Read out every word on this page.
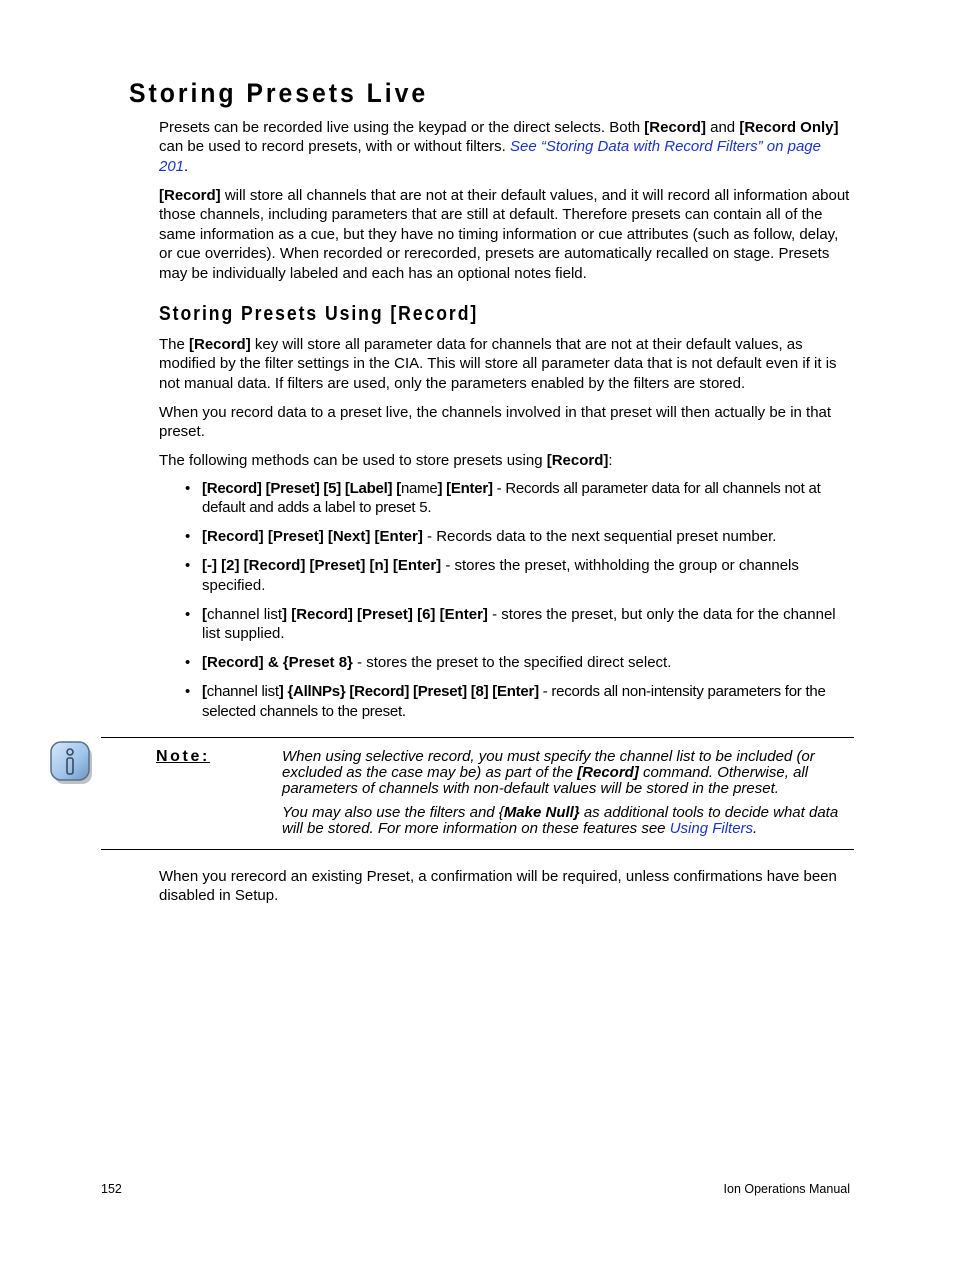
Storing Presets Live

Presets can be recorded live using the keypad or the direct selects. Both [Record] and [Record Only] can be used to record presets, with or without filters. See “Storing Data with Record Filters” on page 201.

[Record] will store all channels that are not at their default values, and it will record all information about those channels, including parameters that are still at default. Therefore presets can contain all of the same information as a cue, but they have no timing information or cue attributes (such as follow, delay, or cue overrides). When recorded or rerecorded, presets are automatically recalled on stage. Presets may be individually labeled and each has an optional notes field.

Storing Presets Using [Record]

The [Record] key will store all parameter data for channels that are not at their default values, as modified by the filter settings in the CIA. This will store all parameter data that is not default even if it is not manual data. If filters are used, only the parameters enabled by the filters are stored.

When you record data to a preset live, the channels involved in that preset will then actually be in that preset.

The following methods can be used to store presets using [Record]:

• [Record] [Preset] [5] [Label] [name] [Enter] - Records all parameter data for all channels not at default and adds a label to preset 5.
• [Record] [Preset] [Next] [Enter] - Records data to the next sequential preset number.
• [-] [2] [Record] [Preset] [n] [Enter] - stores the preset, withholding the group or channels specified.
• [channel list] [Record] [Preset] [6] [Enter] - stores the preset, but only the data for the channel list supplied.
• [Record] & {Preset 8} - stores the preset to the specified direct select.
• [channel list] {AllNPs} [Record] [Preset] [8] [Enter] - records all non-intensity parameters for the selected channels to the preset.
Note:	When using selective record, you must specify the channel list to be included (or excluded as the case may be) as part of the [Record] command. Otherwise, all parameters of channels with non-default values will be stored in the preset.

You may also use the filters and {Make Null} as additional tools to decide what data will be stored. For more information on these features see Using Filters.

When you rerecord an existing Preset, a confirmation will be required, unless confirmations have been disabled in Setup.

152	Ion Operations Manual
